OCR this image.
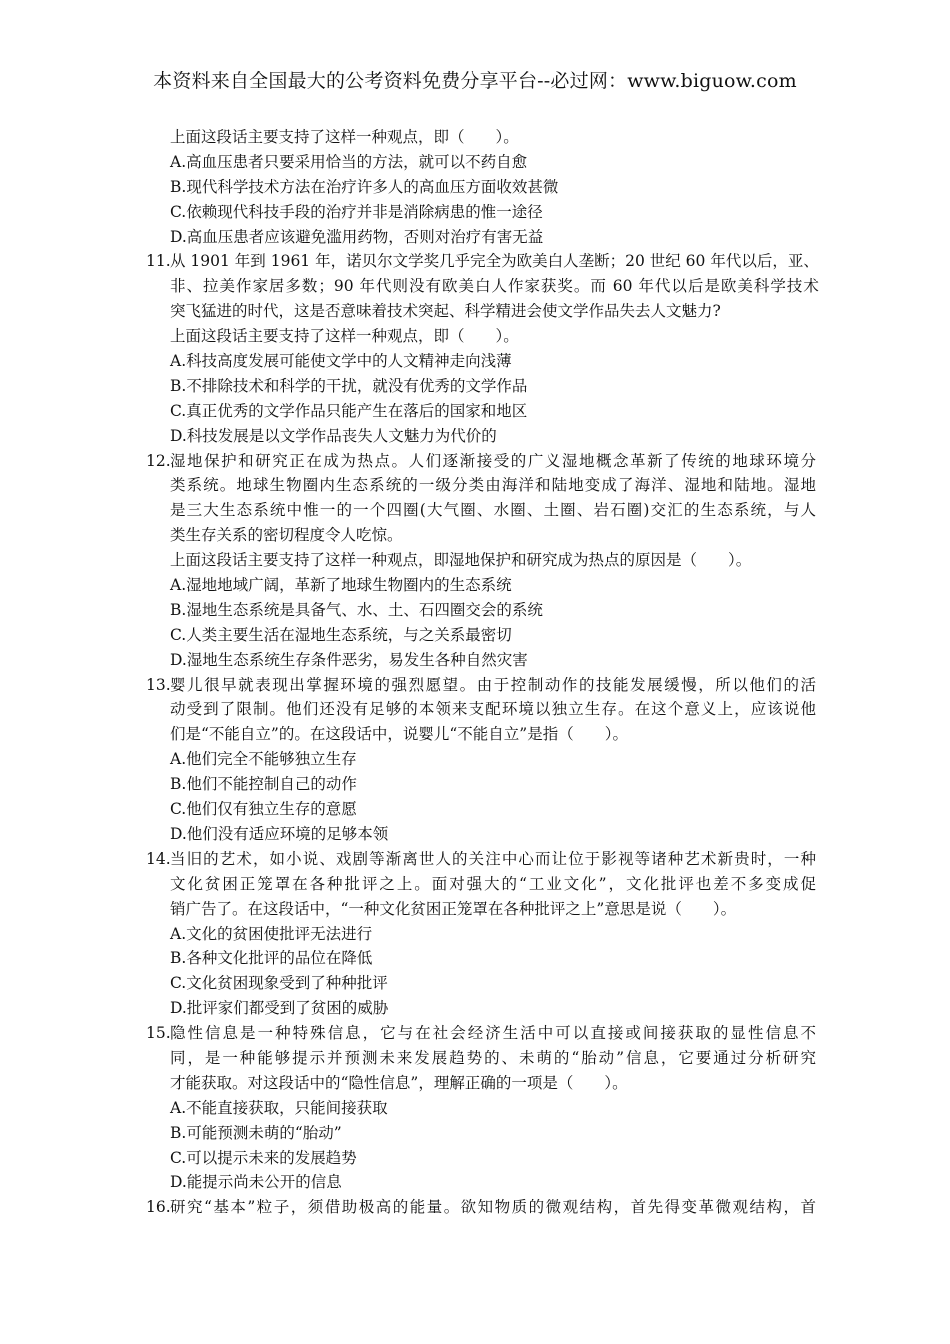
本资料来自全国最大的公考资料免费分享平台--必过网：www.biguow.com
上面这段话主要支持了这样一种观点，即（　　）。
A.高血压患者只要采用恰当的方法，就可以不药自愈
B.现代科学技术方法在治疗许多人的高血压方面收效甚微
C.依赖现代科技手段的治疗并非是消除病患的惟一途径
D.高血压患者应该避免滥用药物，否则对治疗有害无益
11. 从 1901 年到 1961 年，诺贝尔文学奖几乎完全为欧美白人垄断；20 世纪 60 年代以后，亚、
非、拉美作家居多数；90 年代则没有欧美白人作家获奖。而 60 年代以后是欧美科学技术
突飞猛进的时代，这是否意味着技术突起、科学精进会使文学作品失去人文魅力?
上面这段话主要支持了这样一种观点，即（　　）。
A.科技高度发展可能使文学中的人文精神走向浅薄
B.不排除技术和科学的干扰，就没有优秀的文学作品
C.真正优秀的文学作品只能产生在落后的国家和地区
D.科技发展是以文学作品丧失人文魅力为代价的
12. 湿地保护和研究正在成为热点。人们逐渐接受的广义湿地概念革新了传统的地球环境分
类系统。地球生物圈内生态系统的一级分类由海洋和陆地变成了海洋、湿地和陆地。湿地
是三大生态系统中惟一的一个四圈(大气圈、水圈、土圈、岩石圈)交汇的生态系统，与人
类生存关系的密切程度令人吃惊。
上面这段话主要支持了这样一种观点，即湿地保护和研究成为热点的原因是（　　）。
A.湿地地域广阔，革新了地球生物圈内的生态系统
B.湿地生态系统是具备气、水、土、石四圈交会的系统
C.人类主要生活在湿地生态系统，与之关系最密切
D.湿地生态系统生存条件恶劣，易发生各种自然灾害
13. 婴儿很早就表现出掌握环境的强烈愿望。由于控制动作的技能发展缓慢，所以他们的活
动受到了限制。他们还没有足够的本领来支配环境以独立生存。在这个意义上，应该说他
们是“不能自立”的。在这段话中，说婴儿“不能自立”是指（　　）。
A.他们完全不能够独立生存
B.他们不能控制自己的动作
C.他们仅有独立生存的意愿
D.他们没有适应环境的足够本领
14. 当旧的艺术，如小说、戏剧等渐离世人的关注中心而让位于影视等诸种艺术新贵时，一种
文化贫困正笼罩在各种批评之上。面对强大的“工业文化”，文化批评也差不多变成促
销广告了。在这段话中，“一种文化贫困正笼罩在各种批评之上”意思是说（　　）。
A.文化的贫困使批评无法进行
B.各种文化批评的品位在降低
C.文化贫困现象受到了种种批评
D.批评家们都受到了贫困的威胁
15. 隐性信息是一种特殊信息，它与在社会经济生活中可以直接或间接获取的显性信息不
同，是一种能够提示并预测未来发展趋势的、未萌的“胎动”信息，它要通过分析研究
才能获取。对这段话中的“隐性信息”，理解正确的一项是（　　）。
A.不能直接获取，只能间接获取
B.可能预测未萌的“胎动”
C.可以提示未来的发展趋势
D.能提示尚未公开的信息
16. 研究“基本”粒子，须借助极高的能量。欲知物质的微观结构，首先得变革微观结构，首
